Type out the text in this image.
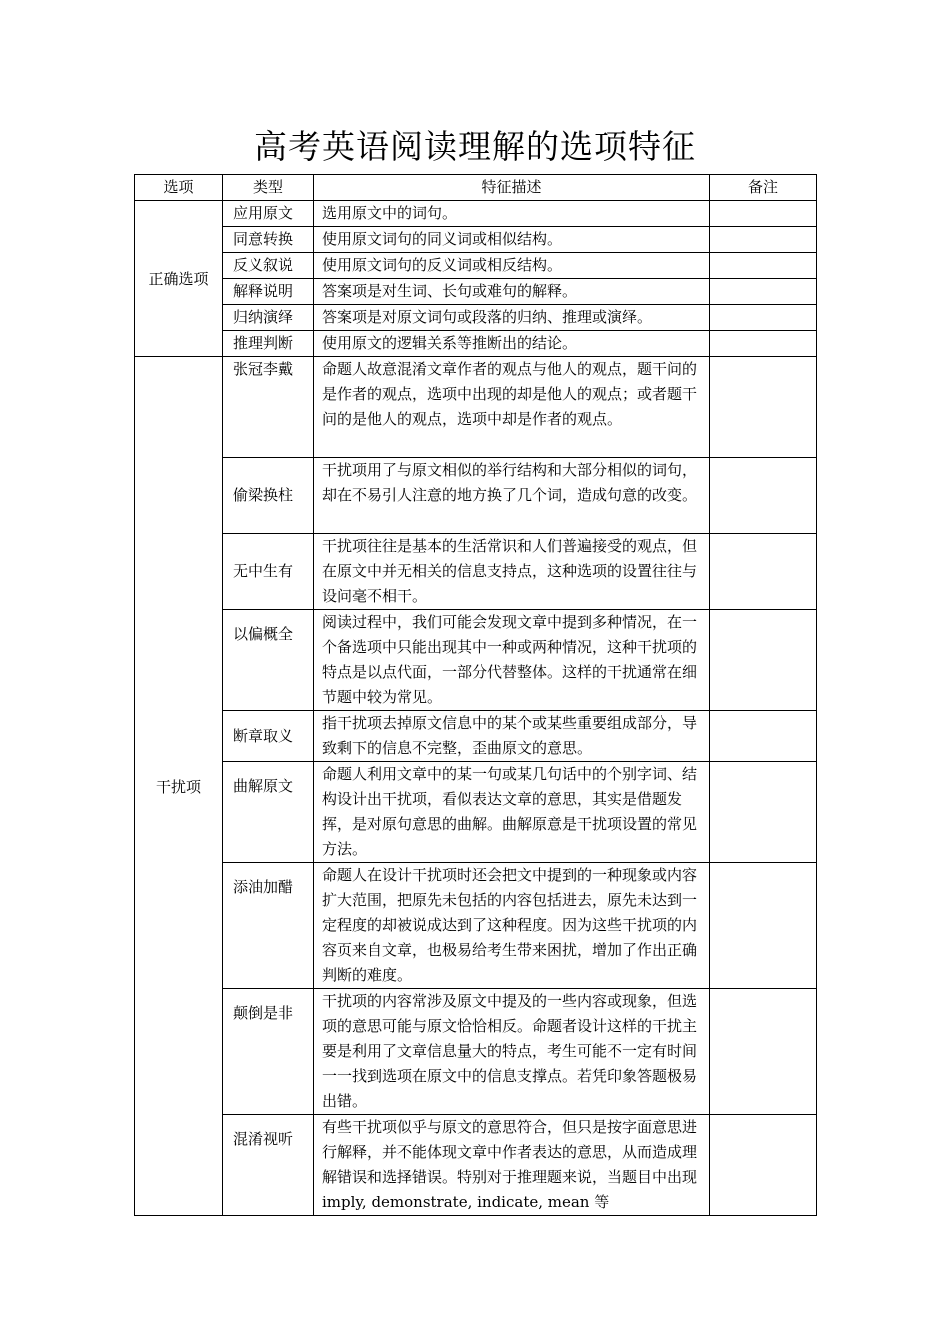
高考英语阅读理解的选项特征
选项	类型	特征描述	备注
正确选项	应用原文	选用原文中的词句。	
	同意转换	使用原文词句的同义词或相似结构。	
	反义叙说	使用原文词句的反义词或相反结构。	
	解释说明	答案项是对生词、长句或难句的解释。	
	归纳演绎	答案项是对原文词句或段落的归纳、推理或演绎。	
	推理判断	使用原文的逻辑关系等推断出的结论。	
干扰项	张冠李戴	命题人故意混淆文章作者的观点与他人的观点，题干问的是作者的观点，选项中出现的却是他人的观点；或者题干问的是他人的观点，选项中却是作者的观点。	
	偷梁换柱	干扰项用了与原文相似的举行结构和大部分相似的词句，却在不易引人注意的地方换了几个词，造成句意的改变。	
	无中生有	干扰项往往是基本的生活常识和人们普遍接受的观点，但在原文中并无相关的信息支持点，这种选项的设置往往与设问毫不相干。	
	以偏概全	阅读过程中，我们可能会发现文章中提到多种情况，在一个备选项中只能出现其中一种或两种情况，这种干扰项的特点是以点代面，一部分代替整体。这样的干扰通常在细节题中较为常见。	
	断章取义	指干扰项去掉原文信息中的某个或某些重要组成部分，导致剩下的信息不完整，歪曲原文的意思。	
	曲解原文	命题人利用文章中的某一句或某几句话中的个别字词、结构设计出干扰项，看似表达文章的意思，其实是借题发挥，是对原句意思的曲解。曲解原意是干扰项设置的常见方法。	
	添油加醋	命题人在设计干扰项时还会把文中提到的一种现象或内容扩大范围，把原先未包括的内容包括进去，原先未达到一定程度的却被说成达到了这种程度。因为这些干扰项的内容页来自文章，也极易给考生带来困扰，增加了作出正确判断的难度。	
	颠倒是非	干扰项的内容常涉及原文中提及的一些内容或现象，但选项的意思可能与原文恰恰相反。命题者设计这样的干扰主要是利用了文章信息量大的特点，考生可能不一定有时间一一找到选项在原文中的信息支撑点。若凭印象答题极易出错。	
	混淆视听	有些干扰项似乎与原文的意思符合，但只是按字面意思进行解释，并不能体现文章中作者表达的意思，从而造成理解错误和选择错误。特别对于推理题来说，当题目中出现 imply, demonstrate, indicate, mean 等	
